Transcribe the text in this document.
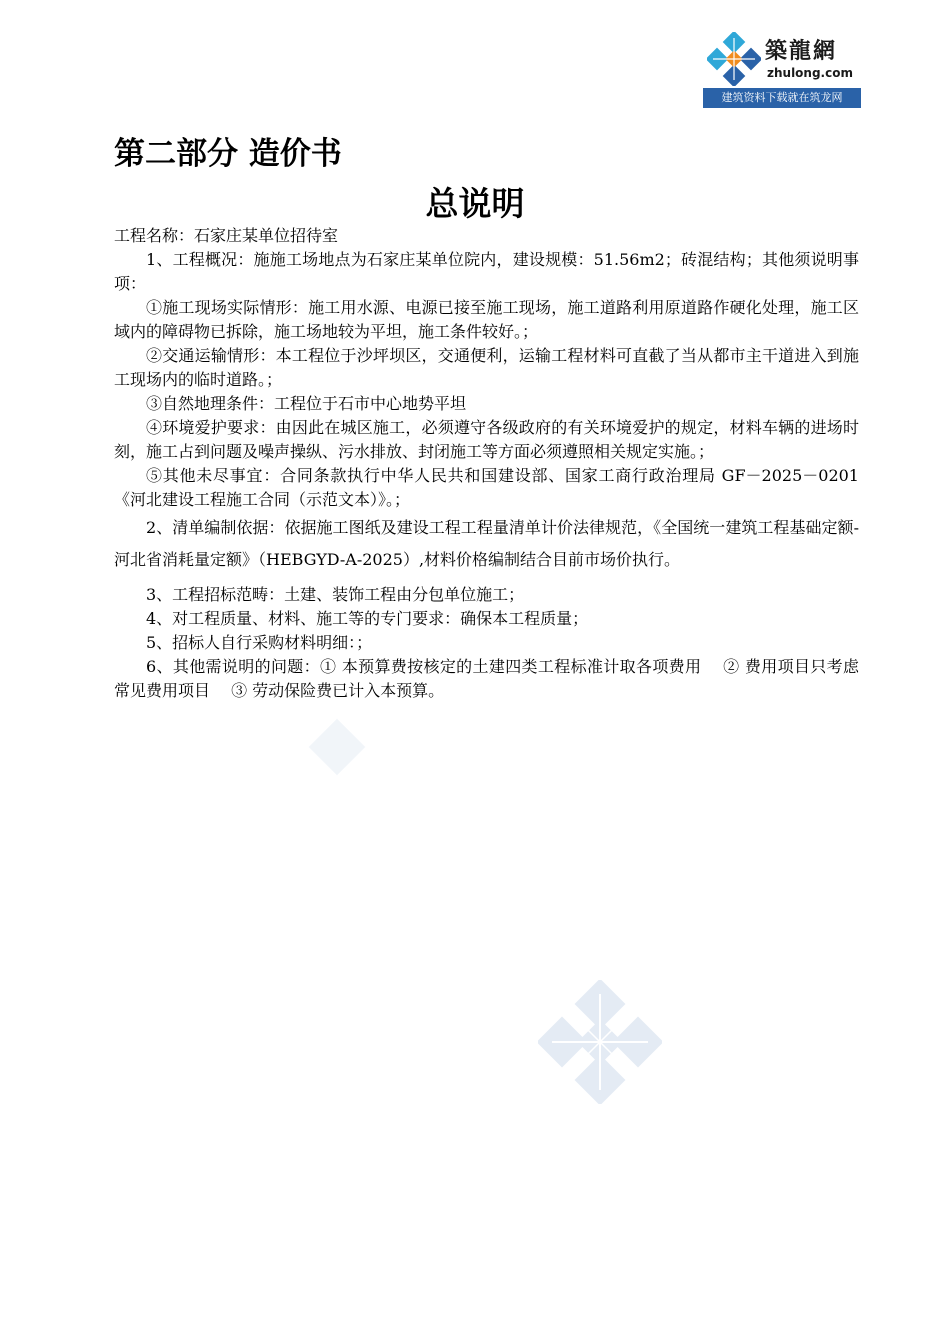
築龍網
zhulong.com
建筑资料下载就在筑龙网
第二部分 造价书
总说明

工程名称：石家庄某单位招待室

1、工程概况：施施工场地点为石家庄某单位院内，建设规模：51.56m2；砖混结构；其他须说明事项：

①施工现场实际情形：施工用水源、电源已接至施工现场，施工道路利用原道路作硬化处理，施工区域内的障碍物已拆除，施工场地较为平坦，施工条件较好。；

②交通运输情形：本工程位于沙坪坝区，交通便利，运输工程材料可直截了当从都市主干道进入到施工现场内的临时道路。；

③自然地理条件：工程位于石市中心地势平坦

④环境爱护要求：由因此在城区施工，必须遵守各级政府的有关环境爱护的规定，材料车辆的进场时刻，施工占到问题及噪声操纵、污水排放、封闭施工等方面必须遵照相关规定实施。；

⑤其他未尽事宜：合同条款执行中华人民共和国建设部、国家工商行政治理局 GF－2025－0201《河北建设工程施工合同（示范文本）》。；

2、清单编制依据：依据施工图纸及建设工程工程量清单计价法律规范，《全国统一建筑工程基础定额-河北省消耗量定额》（HEBGYD-A-2025）,材料价格编制结合目前市场价执行。

3、工程招标范畴：土建、装饰工程由分包单位施工；

4、对工程质量、材料、施工等的专门要求：确保本工程质量；

5、招标人自行采购材料明细：；

6、其他需说明的问题：① 本预算费按核定的土建四类工程标准计取各项费用　 ② 费用项目只考虑常见费用项目　 ③ 劳动保险费已计入本预算。
